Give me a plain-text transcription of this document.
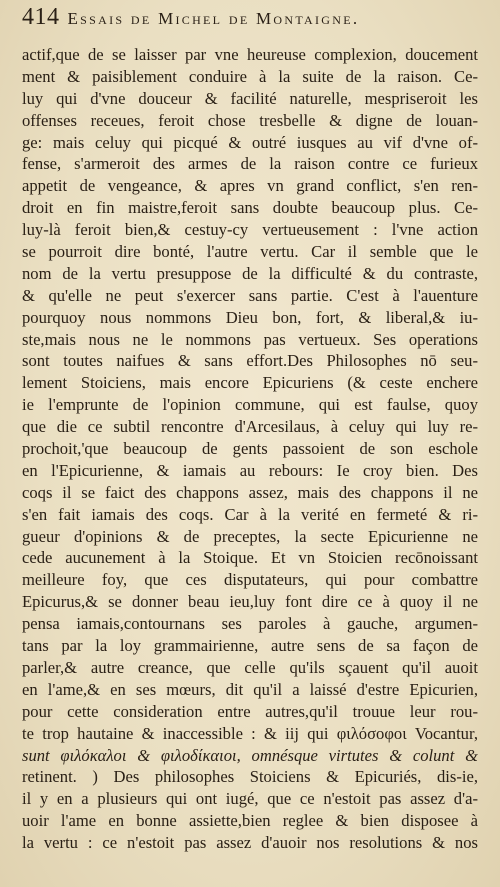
414 Essais de Michel de Montaigne.
actif,que de se laisser par vne heureuse complexion, doucement
ment & paisiblement conduire à la suite de la raison. Ce-
luy qui d'vne douceur & facilité naturelle, mespriseroit les
offenses receues, feroit chose tresbelle & digne de louan-
ge: mais celuy qui picqué & outré iusques au vif d'vne of-
fense, s'armeroit des armes de la raison contre ce furieux
appetit de vengeance, & apres vn grand conflict, s'en ren-
droit en fin maistre,feroit sans doubte beaucoup plus. Ce-
luy-là feroit bien,& cestuy-cy vertueusement : l'vne action
se pourroit dire bonté, l'autre vertu. Car il semble que le
nom de la vertu presuppose de la difficulté & du contraste,
& qu'elle ne peut s'exercer sans partie. C'est à l'auenture
pourquoy nous nommons Dieu bon, fort, & liberal,& iu-
ste,mais nous ne le nommons pas vertueux. Ses operations
sont toutes naifues & sans effort.Des Philosophes nō seu-
lement Stoiciens, mais encore Epicuriens (& ceste enchere
ie l'emprunte de l'opinion commune, qui est faulse, quoy
que die ce subtil rencontre d'Arcesilaus, à celuy qui luy re-
prochoit,'que beaucoup de gents passoient de son eschole
en l'Epicurienne, & iamais au rebours: Ie croy bien. Des
coqs il se faict des chappons assez, mais des chappons il ne
s'en fait iamais des coqs. Car à la verité en fermeté & ri-
gueur d'opinions & de preceptes, la secte Epicurienne ne
cede aucunement à la Stoique. Et vn Stoicien recōnoissant
meilleure foy, que ces disputateurs, qui pour combattre
Epicurus,& se donner beau ieu,luy font dire ce à quoy il ne
pensa iamais,contournans ses paroles à gauche, argumen-
tans par la loy grammairienne, autre sens de sa façon de
parler,& autre creance, que celle qu'ils sçauent qu'il auoit
en l'ame,& en ses mœurs, dit qu'il a laissé d'estre Epicurien,
pour cette consideration entre autres,qu'il trouue leur rou-
te trop hautaine & inaccessible : & iij qui φιλόσοφοι Vocantur,
sunt φιλόκαλοι & φιλοδίκαιοι, omnésque virtutes & colunt &
retinent. ) Des philosophes Stoiciens & Epicuriés, dis-ie,
il y en a plusieurs qui ont iugé, que ce n'estoit pas assez d'a-
uoir l'ame en bonne assiette,bien reglee & bien disposee à
la vertu : ce n'estoit pas assez d'auoir nos resolutions & nos
